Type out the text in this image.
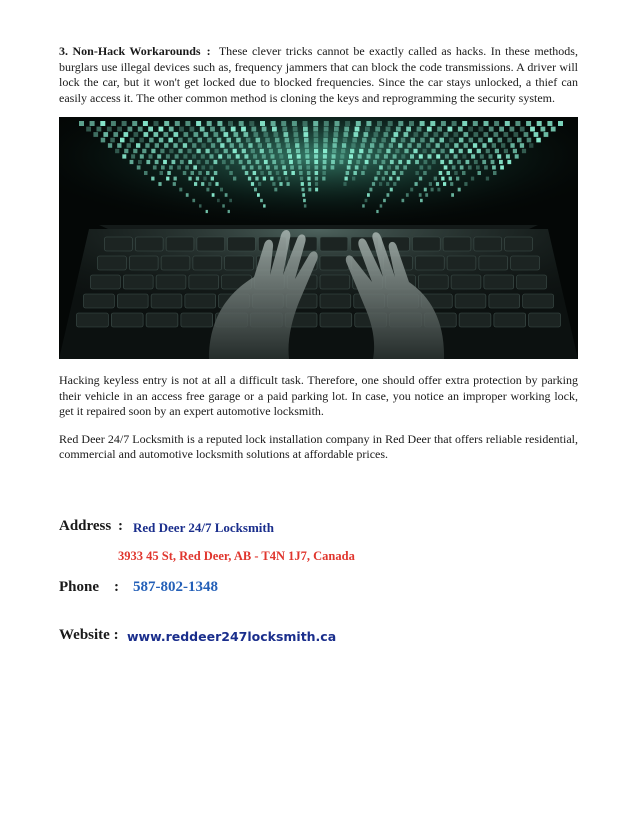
3. Non-Hack Workarounds : These clever tricks cannot be exactly called as hacks. In these methods, burglars use illegal devices such as, frequency jammers that can block the code transmissions. A driver will lock the car, but it won't get locked due to blocked frequencies. Since the car stays unlocked, a thief can easily access it. The other common method is cloning the keys and reprogramming the security system.

Hacking keyless entry is not at all a difficult task. Therefore, one should offer extra protection by parking their vehicle in an access free garage or a paid parking lot. In case, you notice an improper working lock, get it repaired soon by an expert automotive locksmith.

Red Deer 24/7 Locksmith is a reputed lock installation company in Red Deer that offers reliable residential, commercial and automotive locksmith solutions at affordable prices.

Address : Red Deer 24/7 Locksmith
3933 45 St, Red Deer, AB - T4N 1J7, Canada
Phone : 587-802-1348
Website : www.reddeer247locksmith.ca
